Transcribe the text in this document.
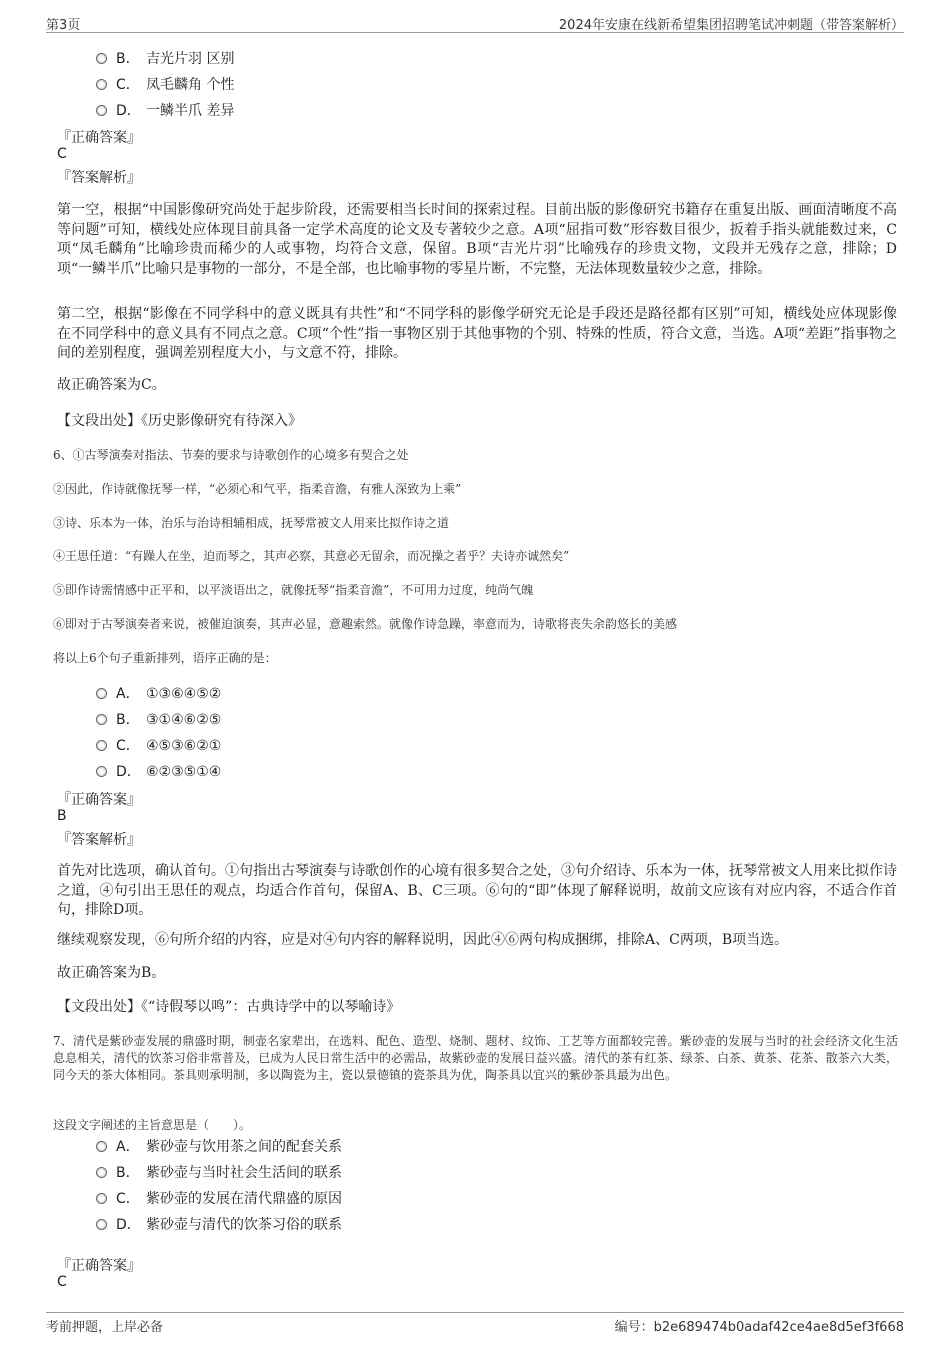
第3页	2024年安康在线新希望集团招聘笔试冲刺题（带答案解析）
B． 吉光片羽 区别
C． 凤毛麟角 个性
D． 一鳞半爪 差异
『正确答案』
C
『答案解析』
第一空，根据“中国影像研究尚处于起步阶段，还需要相当长时间的探索过程。目前出版的影像研究书籍存在重复出版、画面清晰度不高等问题”可知，横线处应体现目前具备一定学术高度的论文及专著较少之意。A项“屈指可数”形容数目很少，扳着手指头就能数过来，C项“凤毛麟角”比喻珍贵而稀少的人或事物，均符合文意，保留。B项“吉光片羽”比喻残存的珍贵文物，文段并无残存之意，排除；D项“一鳞半爪”比喻只是事物的一部分，不是全部，也比喻事物的零星片断，不完整，无法体现数量较少之意，排除。
第二空，根据“影像在不同学科中的意义既具有共性”和“不同学科的影像学研究无论是手段还是路径都有区别”可知，横线处应体现影像在不同学科中的意义具有不同点之意。C项“个性”指一事物区别于其他事物的个别、特殊的性质，符合文意，当选。A项“差距”指事物之间的差别程度，强调差别程度大小，与文意不符，排除。
故正确答案为C。
【文段出处】《历史影像研究有待深入》
6、①古琴演奏对指法、节奏的要求与诗歌创作的心境多有契合之处
②因此，作诗就像抚琴一样，“必须心和气平，指柔音澹，有雅人深致为上乘”
③诗、乐本为一体，治乐与治诗相辅相成，抚琴常被文人用来比拟作诗之道
④王思任道：“有躁人在坐，迫而琴之，其声必察，其意必无留余，而况操之者乎？夫诗亦诚然矣”
⑤即作诗需情感中正平和，以平淡语出之，就像抚琴“指柔音澹”，不可用力过度，纯尚气魄
⑥即对于古琴演奏者来说，被催迫演奏，其声必显，意趣索然。就像作诗急躁，率意而为，诗歌将丧失余韵悠长的美感
将以上6个句子重新排列，语序正确的是：
A． ①③⑥④⑤②
B． ③①④⑥②⑤
C． ④⑤③⑥②①
D． ⑥②③⑤①④
『正确答案』
B
『答案解析』
首先对比选项，确认首句。①句指出古琴演奏与诗歌创作的心境有很多契合之处，③句介绍诗、乐本为一体，抚琴常被文人用来比拟作诗之道，④句引出王思任的观点，均适合作首句，保留A、B、C三项。⑥句的“即”体现了解释说明，故前文应该有对应内容，不适合作首句，排除D项。
继续观察发现，⑥句所介绍的内容，应是对④句内容的解释说明，因此④⑥两句构成捆绑，排除A、C两项，B项当选。
故正确答案为B。
【文段出处】《“诗假琴以鸣”：古典诗学中的以琴喻诗》
7、清代是紫砂壶发展的鼎盛时期，制壶名家辈出，在选料、配色、造型、烧制、题材、纹饰、工艺等方面都较完善。紫砂壶的发展与当时的社会经济文化生活息息相关，清代的饮茶习俗非常普及，已成为人民日常生活中的必需品，故紫砂壶的发展日益兴盛。清代的茶有红茶、绿茶、白茶、黄茶、花茶、散茶六大类，同今天的茶大体相同。茶具则承明制，多以陶瓷为主，瓷以景德镇的瓷茶具为优，陶茶具以宜兴的紫砂茶具最为出色。
这段文字阐述的主旨意思是（　　）。
A． 紫砂壶与饮用茶之间的配套关系
B． 紫砂壶与当时社会生活间的联系
C． 紫砂壶的发展在清代鼎盛的原因
D． 紫砂壶与清代的饮茶习俗的联系
『正确答案』
C
考前押题，上岸必备	编号：b2e689474b0adaf42ce4ae8d5ef3f668
